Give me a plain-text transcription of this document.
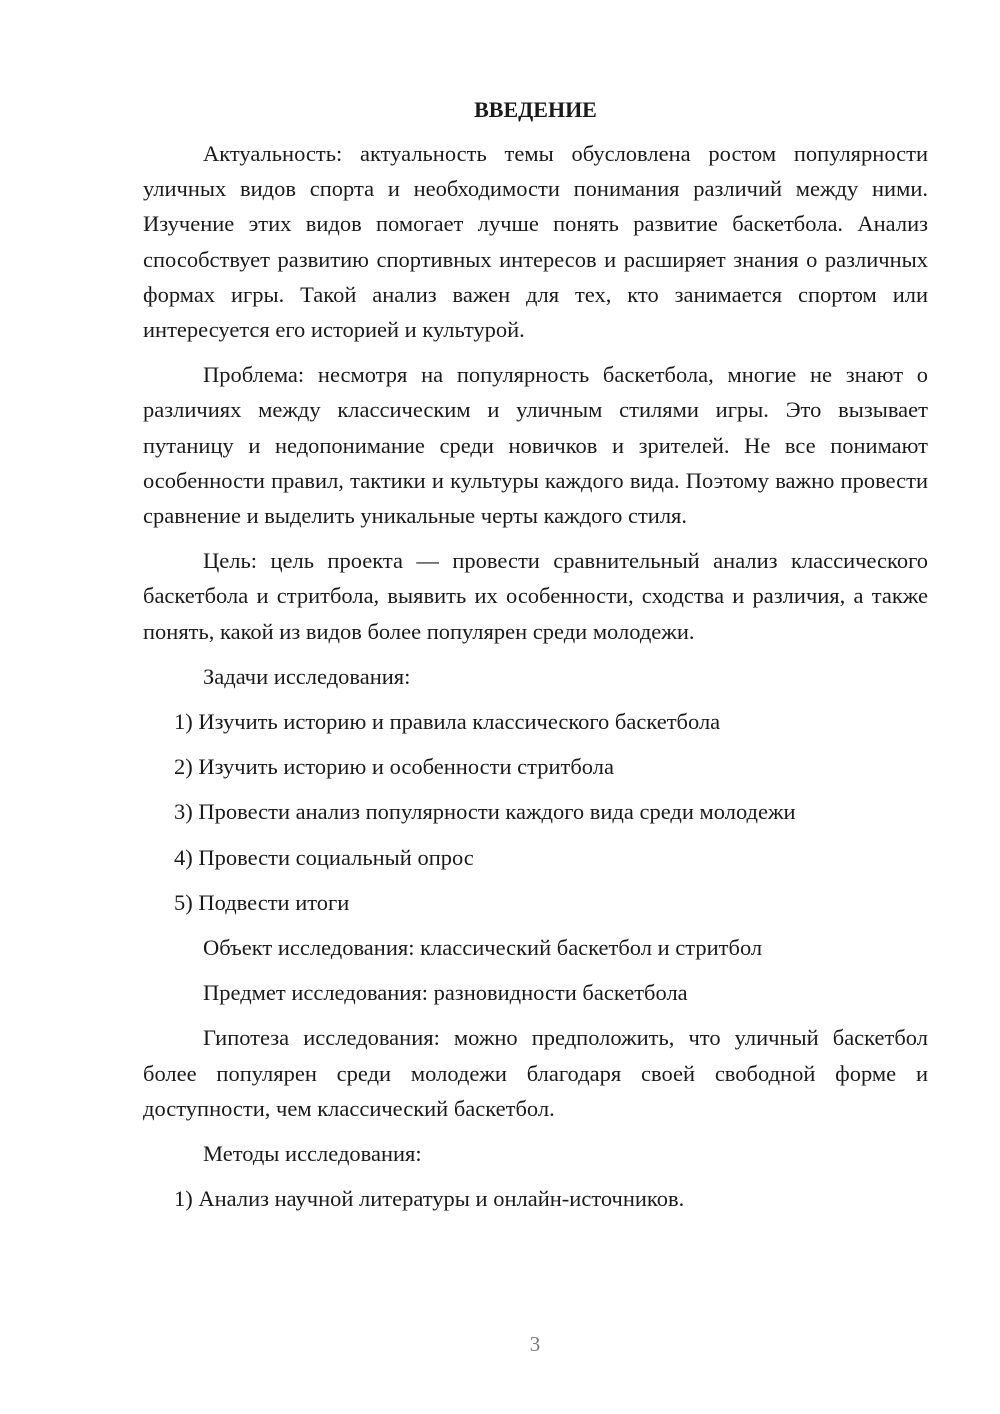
ВВЕДЕНИЕ

Актуальность: актуальность темы обусловлена ростом популярности уличных видов спорта и необходимости понимания различий между ними. Изучение этих видов помогает лучше понять развитие баскетбола. Анализ способствует развитию спортивных интересов и расширяет знания о различных формах игры. Такой анализ важен для тех, кто занимается спортом или интересуется его историей и культурой.

Проблема: несмотря на популярность баскетбола, многие не знают о различиях между классическим и уличным стилями игры. Это вызывает путаницу и недопонимание среди новичков и зрителей. Не все понимают особенности правил, тактики и культуры каждого вида. Поэтому важно провести сравнение и выделить уникальные черты каждого стиля.

Цель: цель проекта — провести сравнительный анализ классического баскетбола и стритбола, выявить их особенности, сходства и различия, а также понять, какой из видов более популярен среди молодежи.

Задачи исследования:

1) Изучить историю и правила классического баскетбола

2) Изучить историю и особенности стритбола

3) Провести анализ популярности каждого вида среди молодежи

4) Провести социальный опрос

5) Подвести итоги

Объект исследования: классический баскетбол и стритбол

Предмет исследования: разновидности баскетбола

Гипотеза исследования: можно предположить, что уличный баскетбол более популярен среди молодежи благодаря своей свободной форме и доступности, чем классический баскетбол.

Методы исследования:

1) Анализ научной литературы и онлайн-источников.

3
